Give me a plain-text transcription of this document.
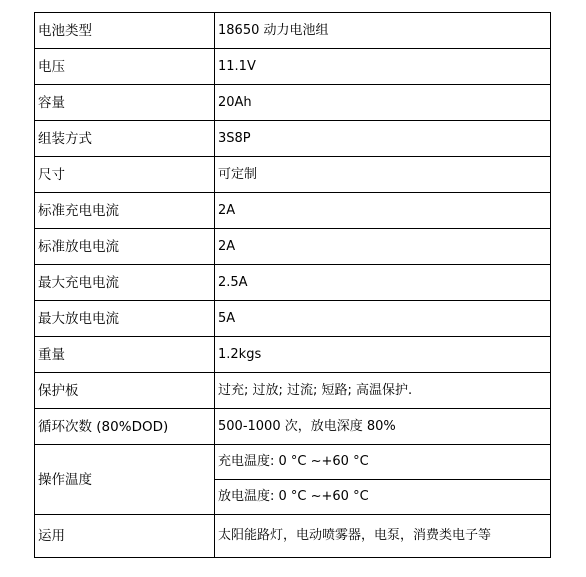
电池类型	18650 动力电池组
电压	11.1V
容量	20Ah
组装方式	3S8P
尺寸	可定制
标准充电电流	2A
标准放电电流	2A
最大充电电流	2.5A
最大放电电流	5A
重量	1.2kgs
保护板	过充; 过放; 过流; 短路; 高温保护.
循环次数 (80%DOD)	500-1000 次，放电深度 80%
操作温度	充电温度: 0 °C ~+60 °C
	放电温度: 0 °C ~+60 °C
运用	太阳能路灯，电动喷雾器，电泵，消费类电子等
